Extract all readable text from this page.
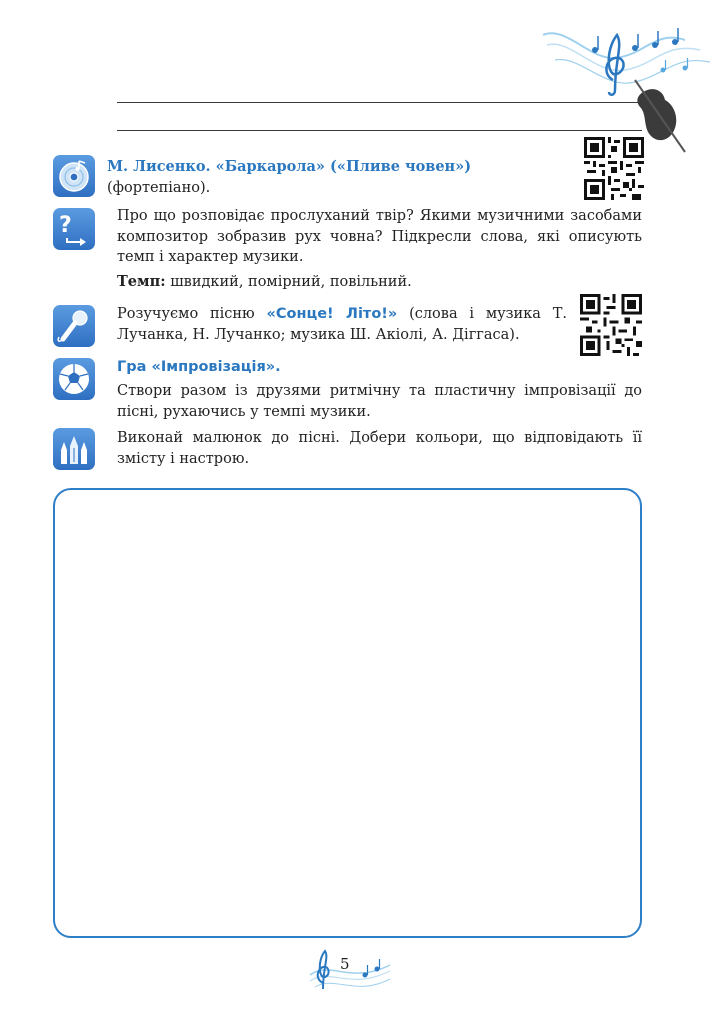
М. Лисенко. «Баркарола» («Пливе човен») (фортепіано).
?	Про що розповідає прослуханий твір? Якими музичними засобами композитор зобразив рух човна? Підкресли слова, які описують темп і характер музики.
Темп: швидкий, помірний, повільний.
Розучуємо пісню «Сонце! Літо!» (слова і музика Т. Лучанка, Н. Лучанко; музика Ш. Акіолі, А. Діггаса).
Гра «Імпровізація».
Створи разом із друзями ритмічну та пластичну імпровізації до пісні, рухаючись у темпі музики.
Виконай малюнок до пісні. Добери кольори, що відповідають її змісту і настрою.
5
